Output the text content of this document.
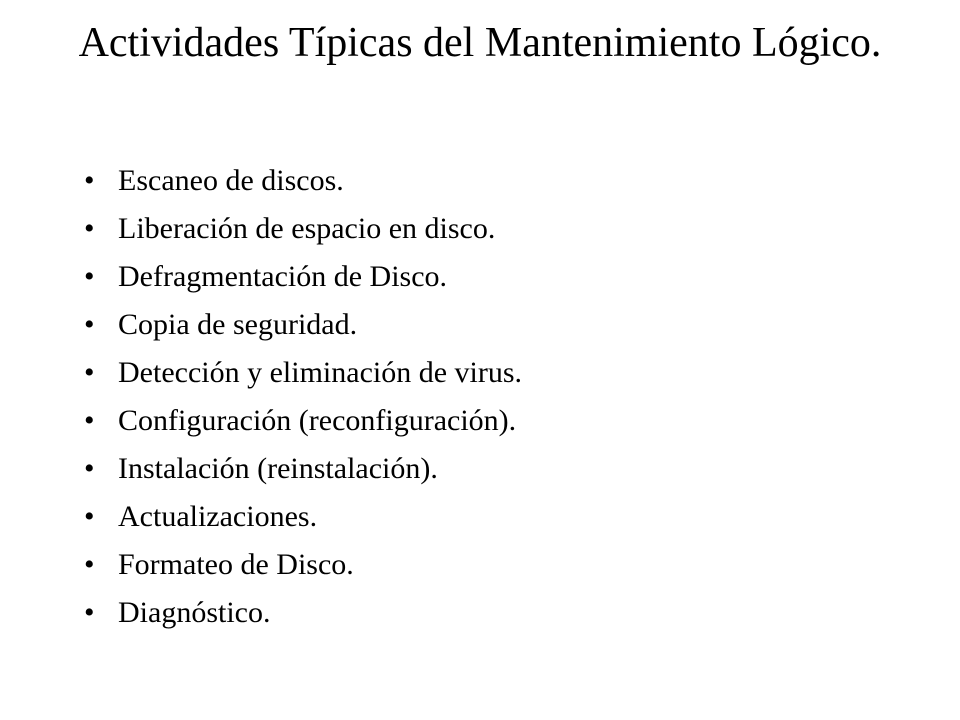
Actividades Típicas del Mantenimiento Lógico.
• Escaneo de discos.
• Liberación de espacio en disco.
• Defragmentación de Disco.
• Copia de seguridad.
• Detección y eliminación de virus.
• Configuración (reconfiguración).
• Instalación (reinstalación).
• Actualizaciones.
• Formateo de Disco.
• Diagnóstico.
